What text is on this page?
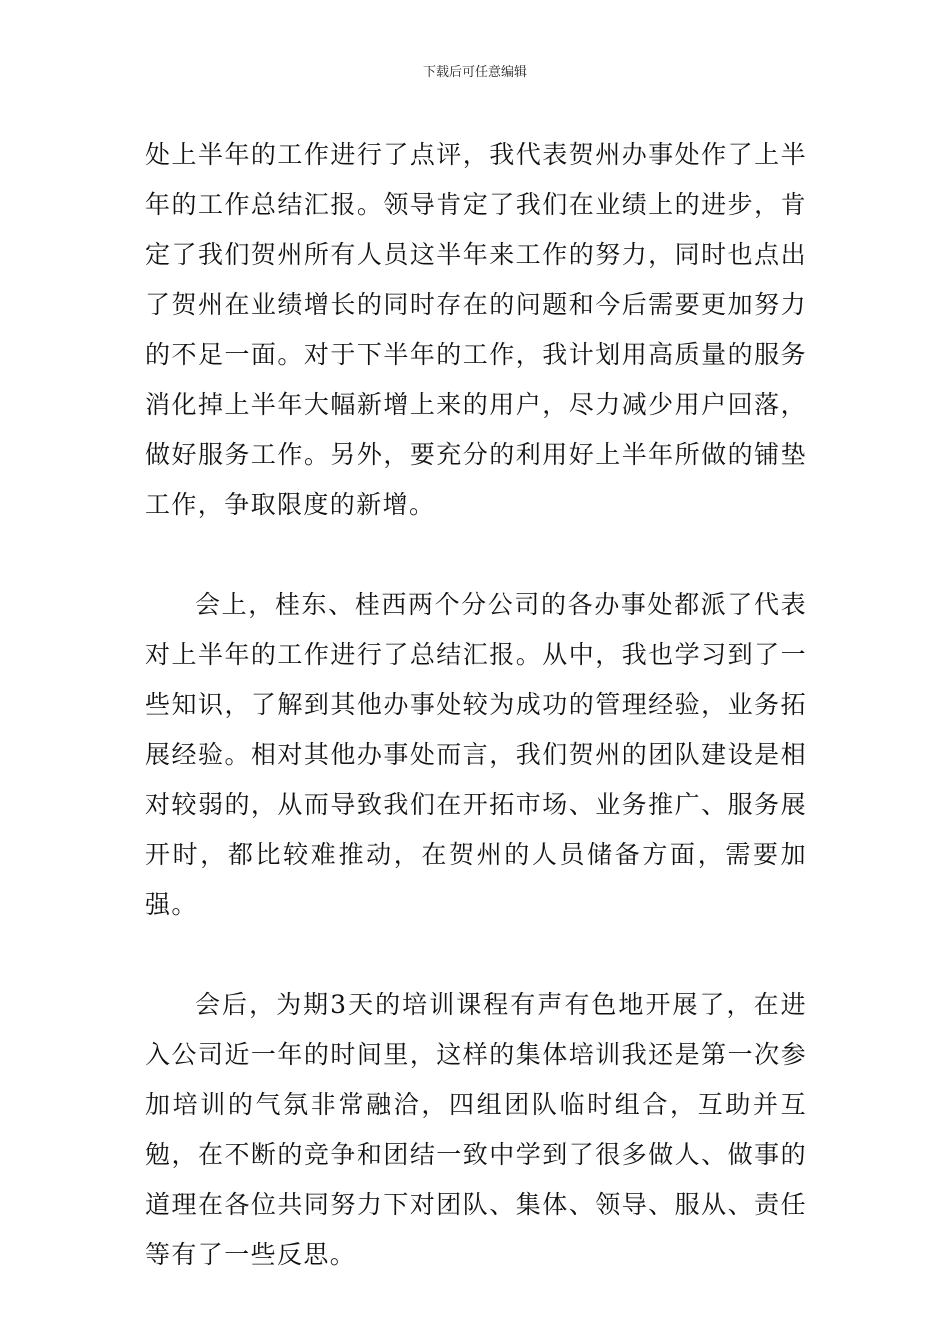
下载后可任意编辑

处上半年的工作进行了点评，我代表贺州办事处作了上半年的工作总结汇报。领导肯定了我们在业绩上的进步，肯定了我们贺州所有人员这半年来工作的努力，同时也点出了贺州在业绩增长的同时存在的问题和今后需要更加努力的不足一面。对于下半年的工作，我计划用高质量的服务消化掉上半年大幅新增上来的用户，尽力减少用户回落，做好服务工作。另外，要充分的利用好上半年所做的铺垫工作，争取限度的新增。

会上，桂东、桂西两个分公司的各办事处都派了代表对上半年的工作进行了总结汇报。从中，我也学习到了一些知识，了解到其他办事处较为成功的管理经验，业务拓展经验。相对其他办事处而言，我们贺州的团队建设是相对较弱的，从而导致我们在开拓市场、业务推广、服务展开时，都比较难推动，在贺州的人员储备方面，需要加强。

会后，为期3天的培训课程有声有色地开展了，在进入公司近一年的时间里，这样的集体培训我还是第一次参加培训的气氛非常融洽，四组团队临时组合，互助并互勉，在不断的竞争和团结一致中学到了很多做人、做事的道理在各位共同努力下对团队、集体、领导、服从、责任等有了一些反思。
